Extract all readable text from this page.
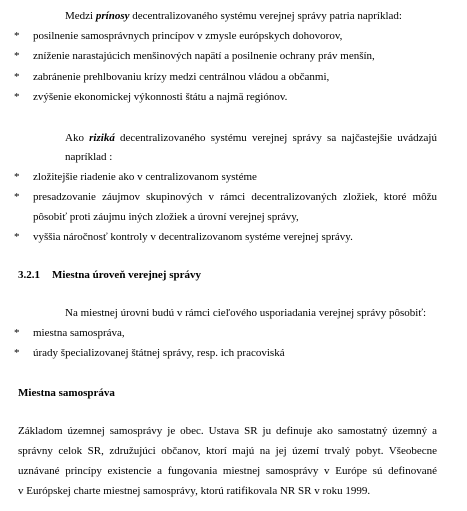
Medzi prínosy decentralizovaného systému verejnej správy patria napríklad:
* posilnenie samosprávnych princípov v zmysle európskych dohovorov,
* zníženie narastajúcich menšinových napätí a posilnenie ochrany práv menšín,
* zabránenie prehlbovaniu krízy medzi centrálnou vládou a občanmi,
* zvýšenie ekonomickej výkonnosti štátu a najmä regiónov.
Ako riziká decentralizovaného systému verejnej správy sa najčastejšie uvádzajú
napríklad :
* zložitejšie riadenie ako v centralizovanom systéme
* presadzovanie záujmov skupinových v rámci decentralizovaných zložiek, ktoré môžu
pôsobiť proti záujmu iných zložiek a úrovní verejnej správy,
* vyššia náročnosť kontroly v decentralizovanom systéme verejnej správy.
3.2.1 Miestna úroveň verejnej správy
Na miestnej úrovni budú v rámci cieľového usporiadania verejnej správy pôsobiť:
* miestna samospráva,
* úrady špecializovanej štátnej správy, resp. ich pracoviská
Miestna samospráva
Základom územnej samosprávy je obec. Ustava SR ju definuje ako samostatný územný a
správny celok SR, združujúci občanov, ktorí majú na jej území trvalý pobyt. Všeobecne
uznávané princípy existencie a fungovania miestnej samosprávy v Európe sú definované
v Európskej charte miestnej samosprávy, ktorú ratifikovala NR SR v roku 1999.
